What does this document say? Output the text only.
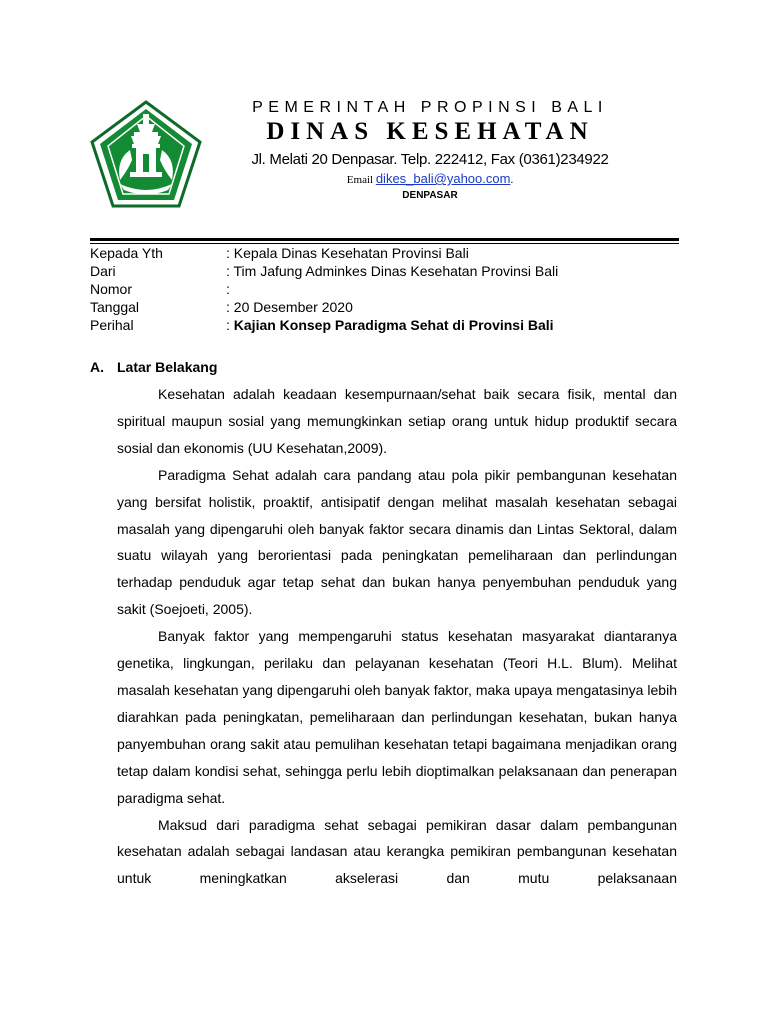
PEMERINTAH PROPINSI BALI
DINAS KESEHATAN
Jl. Melati 20 Denpasar. Telp. 222412, Fax (0361)234922
Email dikes_bali@yahoo.com.
DENPASAR
Kepada Yth	: Kepala Dinas Kesehatan Provinsi Bali
Dari	: Tim Jafung Adminkes Dinas Kesehatan Provinsi Bali
Nomor	:
Tanggal	: 20 Desember 2020
Perihal	: Kajian Konsep Paradigma Sehat di Provinsi Bali
A. Latar Belakang

Kesehatan adalah keadaan kesempurnaan/sehat baik secara fisik, mental dan spiritual maupun sosial yang memungkinkan setiap orang untuk hidup produktif secara sosial dan ekonomis (UU Kesehatan,2009).

Paradigma Sehat adalah cara pandang atau pola pikir pembangunan kesehatan yang bersifat holistik, proaktif, antisipatif dengan melihat masalah kesehatan sebagai masalah yang dipengaruhi oleh banyak faktor secara dinamis dan Lintas Sektoral, dalam suatu wilayah yang berorientasi pada peningkatan pemeliharaan dan perlindungan terhadap penduduk agar tetap sehat dan bukan hanya penyembuhan penduduk yang sakit (Soejoeti, 2005).

Banyak faktor yang mempengaruhi status kesehatan masyarakat diantaranya genetika, lingkungan, perilaku dan pelayanan kesehatan (Teori H.L. Blum). Melihat masalah kesehatan yang dipengaruhi oleh banyak faktor, maka upaya mengatasinya lebih diarahkan pada peningkatan, pemeliharaan dan perlindungan kesehatan, bukan hanya panyembuhan orang sakit atau pemulihan kesehatan tetapi bagaimana menjadikan orang tetap dalam kondisi sehat, sehingga perlu lebih dioptimalkan pelaksanaan dan penerapan paradigma sehat.

Maksud dari paradigma sehat sebagai pemikiran dasar dalam pembangunan kesehatan adalah sebagai landasan atau kerangka pemikiran pembangunan kesehatan untuk meningkatkan akselerasi dan mutu pelaksanaan
